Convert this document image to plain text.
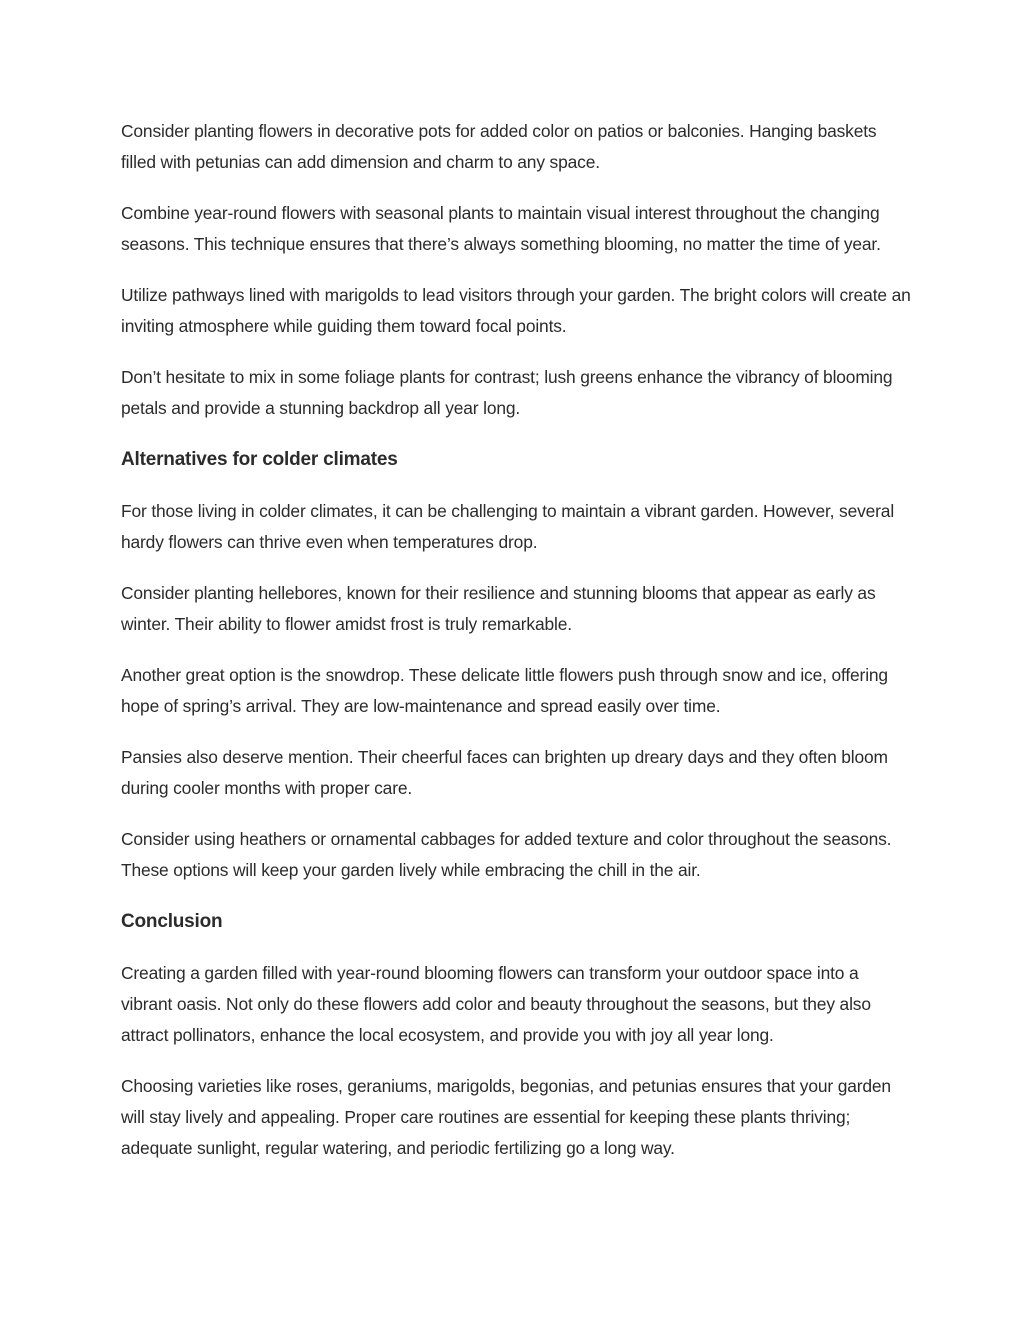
Consider planting flowers in decorative pots for added color on patios or balconies. Hanging baskets filled with petunias can add dimension and charm to any space.

Combine year-round flowers with seasonal plants to maintain visual interest throughout the changing seasons. This technique ensures that there’s always something blooming, no matter the time of year.

Utilize pathways lined with marigolds to lead visitors through your garden. The bright colors will create an inviting atmosphere while guiding them toward focal points.

Don’t hesitate to mix in some foliage plants for contrast; lush greens enhance the vibrancy of blooming petals and provide a stunning backdrop all year long.

Alternatives for colder climates

For those living in colder climates, it can be challenging to maintain a vibrant garden. However, several hardy flowers can thrive even when temperatures drop.

Consider planting hellebores, known for their resilience and stunning blooms that appear as early as winter. Their ability to flower amidst frost is truly remarkable.

Another great option is the snowdrop. These delicate little flowers push through snow and ice, offering hope of spring’s arrival. They are low-maintenance and spread easily over time.

Pansies also deserve mention. Their cheerful faces can brighten up dreary days and they often bloom during cooler months with proper care.

Consider using heathers or ornamental cabbages for added texture and color throughout the seasons. These options will keep your garden lively while embracing the chill in the air.

Conclusion

Creating a garden filled with year-round blooming flowers can transform your outdoor space into a vibrant oasis. Not only do these flowers add color and beauty throughout the seasons, but they also attract pollinators, enhance the local ecosystem, and provide you with joy all year long.

Choosing varieties like roses, geraniums, marigolds, begonias, and petunias ensures that your garden will stay lively and appealing. Proper care routines are essential for keeping these plants thriving; adequate sunlight, regular watering, and periodic fertilizing go a long way.
